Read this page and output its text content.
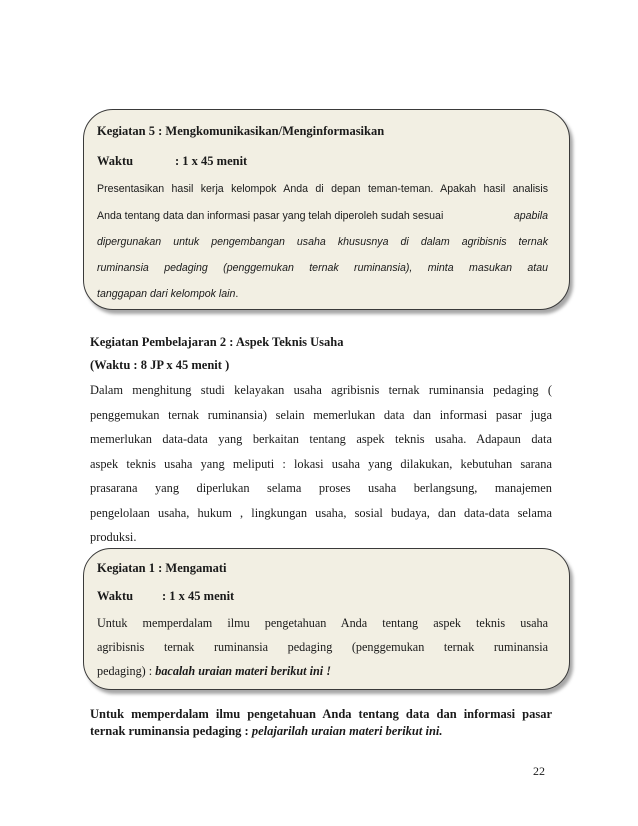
Kegiatan 5 : Mengkomunikasikan/Menginformasikan
Waktu	: 1 x 45 menit
Presentasikan hasil kerja kelompok Anda di depan teman-teman. Apakah hasil analisis
Anda tentang data dan informasi pasar yang telah diperoleh sudah sesuai	apabila
dipergunakan untuk pengembangan usaha khususnya di dalam agribisnis ternak
ruminansia pedaging (penggemukan ternak ruminansia), minta masukan atau
tanggapan dari kelompok lain.
Kegiatan Pembelajaran 2 : Aspek Teknis Usaha
(Waktu : 8 JP x 45 menit )
Dalam menghitung studi kelayakan usaha agribisnis ternak ruminansia pedaging (
penggemukan ternak ruminansia) selain memerlukan data dan informasi pasar juga
memerlukan data-data yang berkaitan tentang aspek teknis usaha. Adapaun data
aspek teknis usaha yang meliputi : lokasi usaha yang dilakukan, kebutuhan sarana
prasarana yang diperlukan selama proses usaha berlangsung, manajemen
pengelolaan usaha, hukum , lingkungan usaha, sosial budaya, dan data-data selama
produksi.
Kegiatan 1 : Mengamati
Waktu : 1 x 45 menit
Untuk memperdalam ilmu pengetahuan Anda tentang aspek teknis usaha
agribisnis ternak ruminansia pedaging (penggemukan ternak ruminansia
pedaging) : bacalah uraian materi berikut ini !
Untuk memperdalam ilmu pengetahuan Anda tentang data dan informasi pasar
ternak ruminansia pedaging : pelajarilah uraian materi berikut ini.
22
